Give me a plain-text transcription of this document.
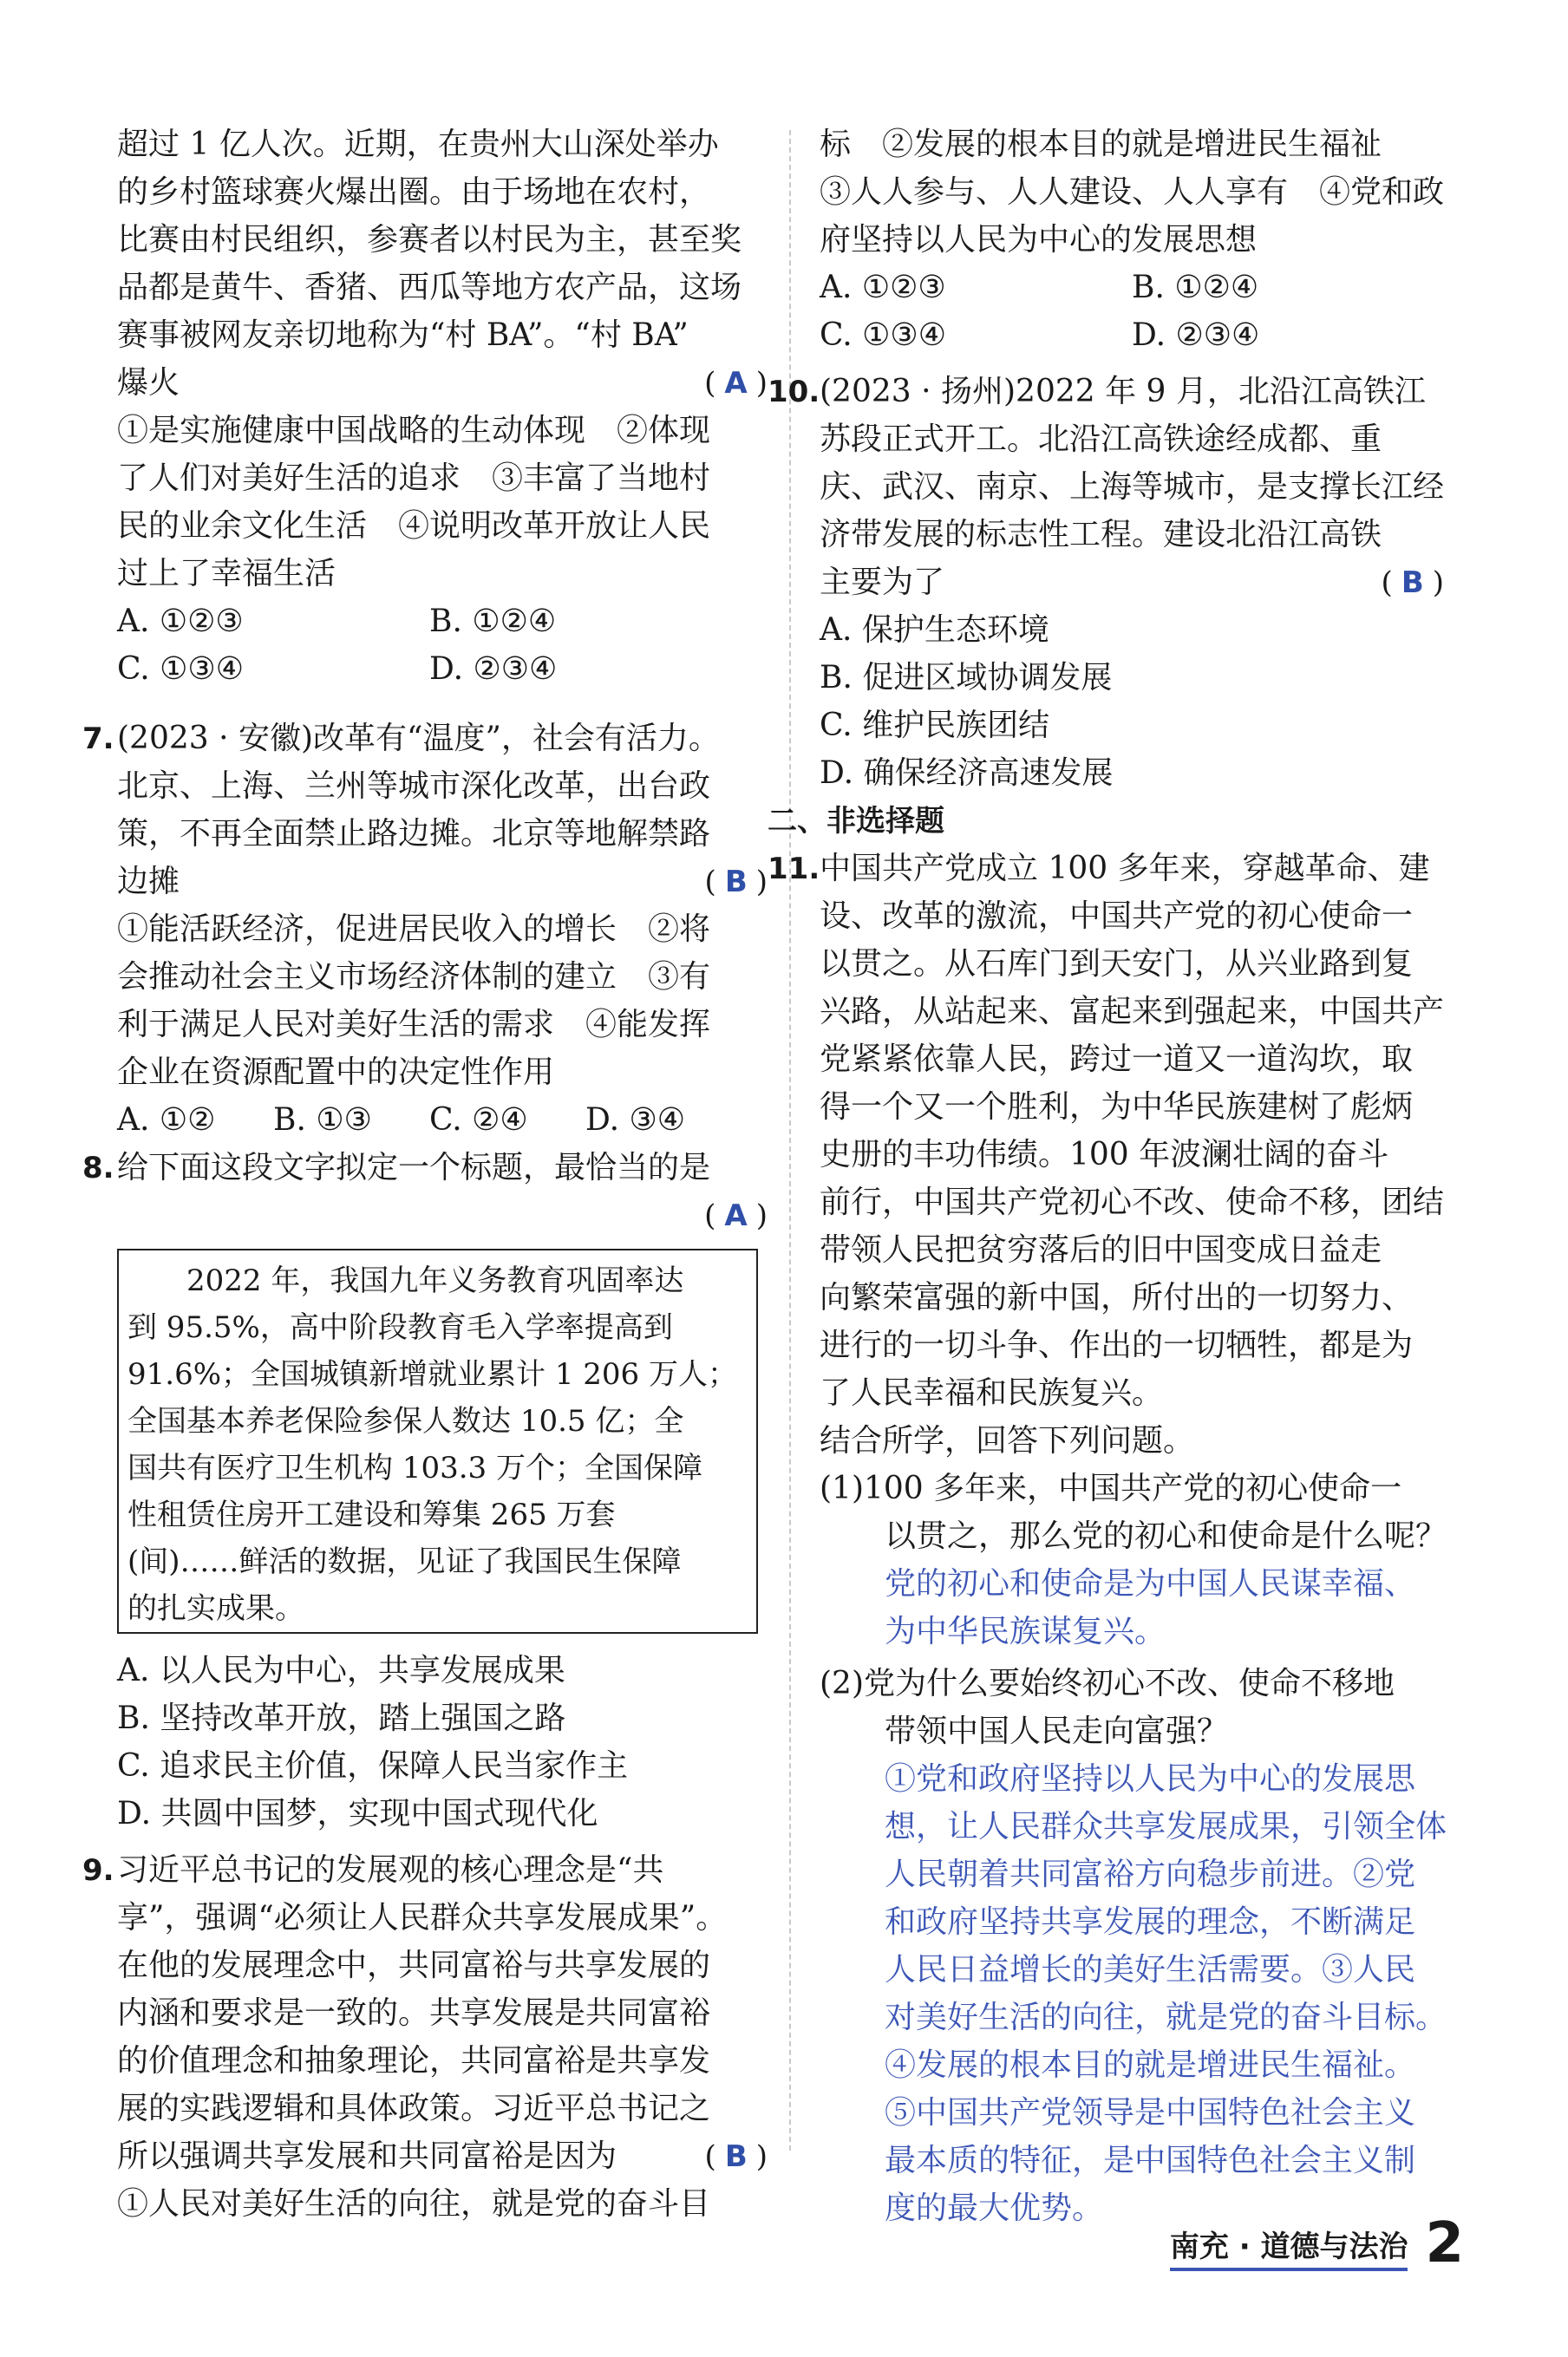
超过 1 亿人次。近期，在贵州大山深处举办
的乡村篮球赛火爆出圈。由于场地在农村，
比赛由村民组织，参赛者以村民为主，甚至奖
品都是黄牛、香猪、西瓜等地方农产品，这场
赛事被网友亲切地称为“村 BA”。“村 BA”
爆火	( A )
①是实施健康中国战略的生动体现　②体现
了人们对美好生活的追求　③丰富了当地村
民的业余文化生活　④说明改革开放让人民
过上了幸福生活
A. ①②③	B. ①②④
C. ①③④	D. ②③④
7. (2023 · 安徽)改革有“温度”，社会有活力。
北京、上海、兰州等城市深化改革，出台政
策，不再全面禁止路边摊。北京等地解禁路
边摊	( B )
①能活跃经济，促进居民收入的增长　②将
会推动社会主义市场经济体制的建立　③有
利于满足人民对美好生活的需求　④能发挥
企业在资源配置中的决定性作用
A. ①② B. ①③ C. ②④ D. ③④
8. 给下面这段文字拟定一个标题，最恰当的是
( A )
　　2022 年，我国九年义务教育巩固率达
到 95.5%，高中阶段教育毛入学率提高到
91.6%；全国城镇新增就业累计 1 206 万人；
全国基本养老保险参保人数达 10.5 亿；全
国共有医疗卫生机构 103.3 万个；全国保障
性租赁住房开工建设和筹集 265 万套
(间)……鲜活的数据，见证了我国民生保障
的扎实成果。
A. 以人民为中心，共享发展成果
B. 坚持改革开放，踏上强国之路
C. 追求民主价值，保障人民当家作主
D. 共圆中国梦，实现中国式现代化
9. 习近平总书记的发展观的核心理念是“共
享”，强调“必须让人民群众共享发展成果”。
在他的发展理念中，共同富裕与共享发展的
内涵和要求是一致的。共享发展是共同富裕
的价值理念和抽象理论，共同富裕是共享发
展的实践逻辑和具体政策。习近平总书记之
所以强调共享发展和共同富裕是因为	( B )
①人民对美好生活的向往，就是党的奋斗目
标　②发展的根本目的就是增进民生福祉
③人人参与、人人建设、人人享有　④党和政
府坚持以人民为中心的发展思想
A. ①②③	B. ①②④
C. ①③④	D. ②③④
10. (2023 · 扬州)2022 年 9 月，北沿江高铁江
苏段正式开工。北沿江高铁途经成都、重
庆、武汉、南京、上海等城市，是支撑长江经
济带发展的标志性工程。建设北沿江高铁
主要为了	( B )
A. 保护生态环境
B. 促进区域协调发展
C. 维护民族团结
D. 确保经济高速发展
二、非选择题
11. 中国共产党成立 100 多年来，穿越革命、建
设、改革的激流，中国共产党的初心使命一
以贯之。从石库门到天安门，从兴业路到复
兴路，从站起来、富起来到强起来，中国共产
党紧紧依靠人民，跨过一道又一道沟坎，取
得一个又一个胜利，为中华民族建树了彪炳
史册的丰功伟绩。100 年波澜壮阔的奋斗
前行，中国共产党初心不改、使命不移，团结
带领人民把贫穷落后的旧中国变成日益走
向繁荣富强的新中国，所付出的一切努力、
进行的一切斗争、作出的一切牺牲，都是为
了人民幸福和民族复兴。
结合所学，回答下列问题。
(1)100 多年来，中国共产党的初心使命一
以贯之，那么党的初心和使命是什么呢？
党的初心和使命是为中国人民谋幸福、
为中华民族谋复兴。
(2)党为什么要始终初心不改、使命不移地
带领中国人民走向富强？
①党和政府坚持以人民为中心的发展思
想，让人民群众共享发展成果，引领全体
人民朝着共同富裕方向稳步前进。②党
和政府坚持共享发展的理念，不断满足
人民日益增长的美好生活需要。③人民
对美好生活的向往，就是党的奋斗目标。
④发展的根本目的就是增进民生福祉。
⑤中国共产党领导是中国特色社会主义
最本质的特征，是中国特色社会主义制
度的最大优势。
南充 · 道德与法治 2
